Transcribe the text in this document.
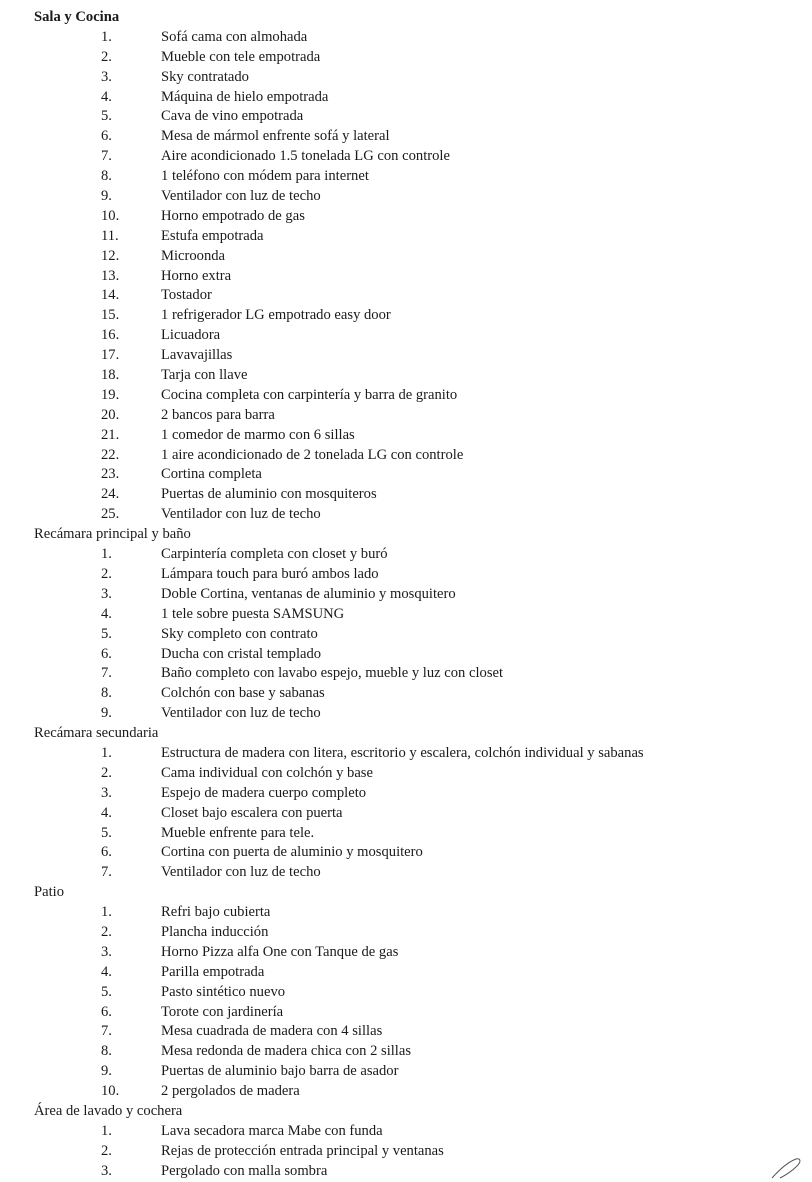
Sala y Cocina
1.	Sofá cama con almohada
2.	Mueble con tele empotrada
3.	Sky contratado
4.	Máquina de hielo empotrada
5.	Cava de vino empotrada
6.	Mesa de mármol enfrente sofá y lateral
7.	Aire acondicionado 1.5 tonelada LG con controle
8.	1 teléfono con módem para internet
9.	Ventilador con luz de techo
10.	Horno empotrado de gas
11.	Estufa empotrada
12.	Microonda
13.	Horno extra
14.	Tostador
15.	1 refrigerador LG empotrado easy door
16.	Licuadora
17.	Lavavajillas
18.	Tarja con llave
19.	Cocina completa con carpintería y barra de granito
20.	2 bancos para barra
21.	1 comedor de marmo con 6 sillas
22.	1 aire acondicionado de 2 tonelada LG con controle
23.	Cortina completa
24.	Puertas de aluminio con mosquiteros
25.	Ventilador con luz de techo
Recámara principal y baño
1.	Carpintería completa con closet y buró
2.	Lámpara touch para buró ambos lado
3.	Doble Cortina, ventanas de aluminio y mosquitero
4.	1 tele sobre puesta SAMSUNG
5.	Sky completo con contrato
6.	Ducha con cristal templado
7.	Baño completo con lavabo espejo, mueble y luz con closet
8.	Colchón con base y sabanas
9.	Ventilador con luz de techo
Recámara secundaria
1.	Estructura de madera con litera, escritorio y escalera, colchón individual y sabanas
2.	Cama individual con colchón y base
3.	Espejo de madera cuerpo completo
4.	Closet bajo escalera con puerta
5.	Mueble enfrente para tele.
6.	Cortina con puerta de aluminio y mosquitero
7.	Ventilador con luz de techo
Patio
1.	Refri bajo cubierta
2.	Plancha inducción
3.	Horno Pizza alfa One con Tanque de gas
4.	Parilla empotrada
5.	Pasto sintético nuevo
6.	Torote con jardinería
7.	Mesa cuadrada de madera con 4 sillas
8.	Mesa redonda de madera chica con 2 sillas
9.	Puertas de aluminio bajo barra de asador
10.	2 pergolados de madera
Área de lavado y cochera
1.	Lava secadora marca Mabe con funda
2.	Rejas de protección entrada principal y ventanas
3.	Pergolado con malla sombra
